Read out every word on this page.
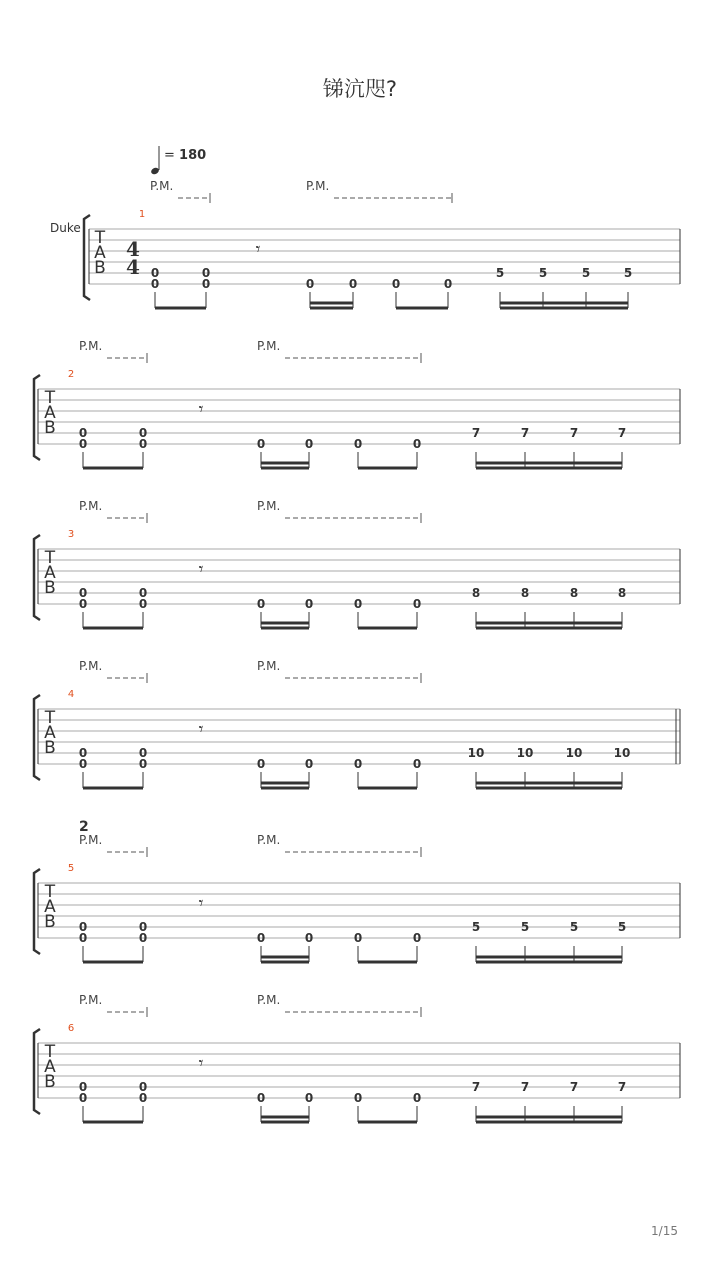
锑沆咫?
= 180
Duke
2
T
A
B
4
4
1
P.M.	P.M.
𝄾
0
0
0
0	0	0	0	0
5	5	5	5
T
A
B
2
P.M.	P.M.
𝄾
0
0
0
0	0	0	0	0
7	7	7	7
T
A
B
3
P.M.	P.M.
𝄾
0
0
0
0	0	0	0	0
8	8	8	8
T
A
B
4
P.M.	P.M.
𝄾
0
0
0
0	0	0	0	0
10	10	10	10
T
A
B
5
P.M.	P.M.
𝄾
0
0
0
0	0	0	0	0
5	5	5	5
T
A
B
6
P.M.	P.M.
𝄾
0
0
0
0	0	0	0	0
7	7	7	7
1/15
